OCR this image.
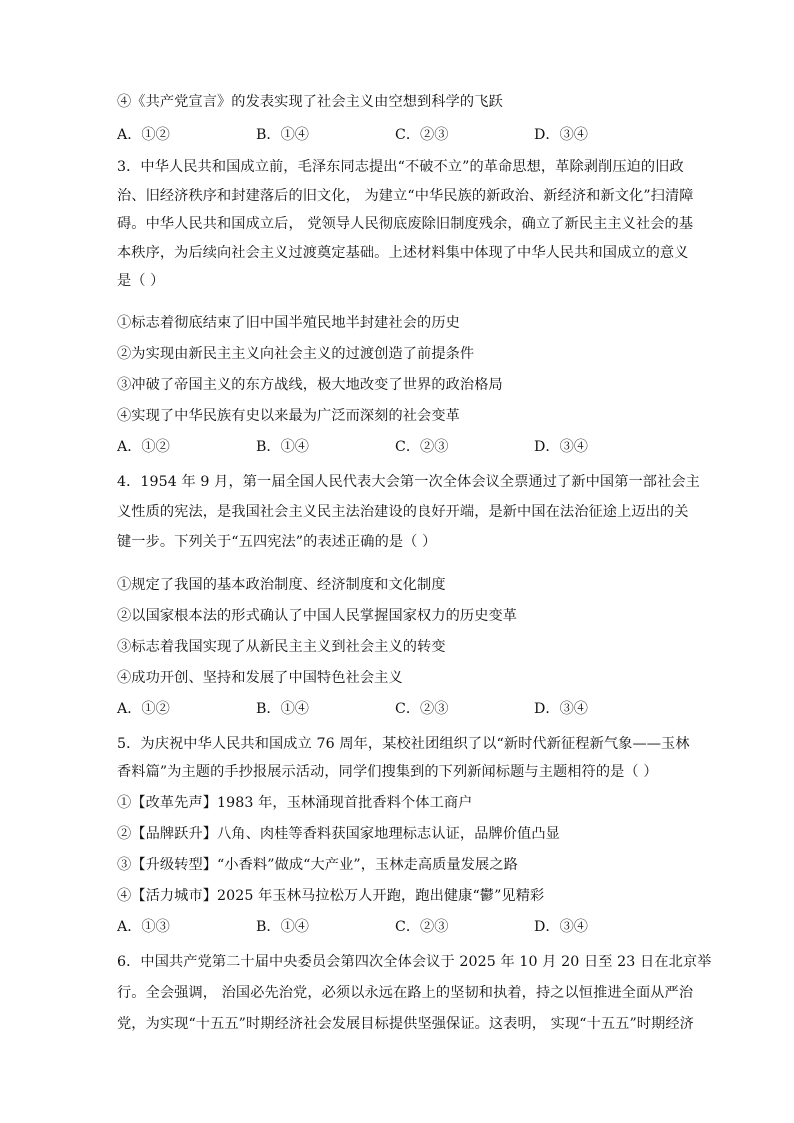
④《共产党宣言》的发表实现了社会主义由空想到科学的飞跃
A．①②	B．①④	C．②③	D．③④
3．中华人民共和国成立前，毛泽东同志提出“不破不立”的革命思想，革除剥削压迫的旧政
治、旧经济秩序和封建落后的旧文化， 为建立“中华民族的新政治、新经济和新文化”扫清障
碍。中华人民共和国成立后， 党领导人民彻底废除旧制度残余，确立了新民主主义社会的基
本秩序，为后续向社会主义过渡奠定基础。上述材料集中体现了中华人民共和国成立的意义
是（ ）
①标志着彻底结束了旧中国半殖民地半封建社会的历史
②为实现由新民主主义向社会主义的过渡创造了前提条件
③冲破了帝国主义的东方战线，极大地改变了世界的政治格局
④实现了中华民族有史以来最为广泛而深刻的社会变革
A．①②	B．①④	C．②③	D．③④
4．1954 年 9 月，第一届全国人民代表大会第一次全体会议全票通过了新中国第一部社会主
义性质的宪法，是我国社会主义民主法治建设的良好开端，是新中国在法治征途上迈出的关
键一步。下列关于“五四宪法”的表述正确的是（ ）
①规定了我国的基本政治制度、经济制度和文化制度
②以国家根本法的形式确认了中国人民掌握国家权力的历史变革
③标志着我国实现了从新民主主义到社会主义的转变
④成功开创、坚持和发展了中国特色社会主义
A．①②	B．①④	C．②③	D．③④
5．为庆祝中华人民共和国成立 76 周年，某校社团组织了以“新时代新征程新气象——玉林
香料篇”为主题的手抄报展示活动，同学们搜集到的下列新闻标题与主题相符的是（ ）
①【改革先声】1983 年，玉林涌现首批香料个体工商户
②【品牌跃升】八角、肉桂等香料获国家地理标志认证，品牌价值凸显
③【升级转型】“小香料”做成“大产业”，玉林走高质量发展之路
④【活力城市】2025 年玉林马拉松万人开跑，跑出健康“鬱”见精彩
A．①③	B．①④	C．②③	D．③④
6．中国共产党第二十届中央委员会第四次全体会议于 2025 年 10 月 20 日至 23 日在北京举
行。全会强调， 治国必先治党，必须以永远在路上的坚韧和执着，持之以恒推进全面从严治
党，为实现“十五五”时期经济社会发展目标提供坚强保证。这表明， 实现“十五五”时期经济
